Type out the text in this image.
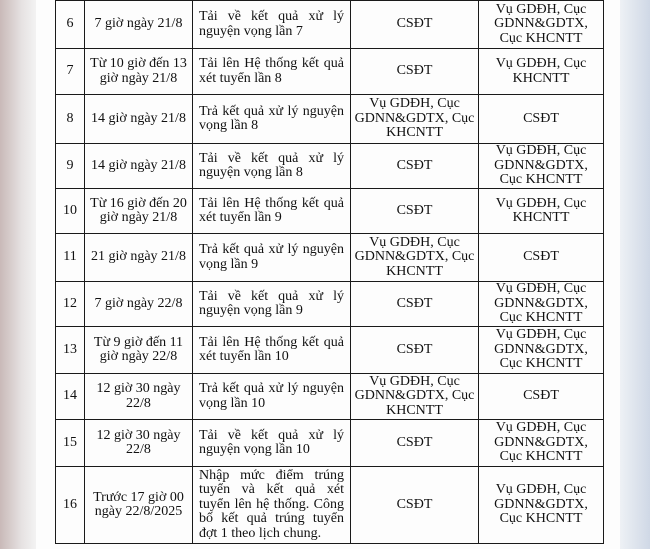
6	7 giờ ngày 21/8	Tải về kết quả xử lý nguyện vọng lần 7	CSĐT	Vụ GDĐH, Cục GDNN&GDTX, Cục KHCNTT
7	Từ 10 giờ đến 13 giờ ngày 21/8	Tải lên Hệ thống kết quả xét tuyển lần 8	CSĐT	Vụ GDĐH, Cục KHCNTT
8	14 giờ ngày 21/8	Trả kết quả xử lý nguyện vọng lần 8	Vụ GDĐH, Cục GDNN&GDTX, Cục KHCNTT	CSĐT
9	14 giờ ngày 21/8	Tải về kết quả xử lý nguyện vọng lần 8	CSĐT	Vụ GDĐH, Cục GDNN&GDTX, Cục KHCNTT
10	Từ 16 giờ đến 20 giờ ngày 21/8	Tải lên Hệ thống kết quả xét tuyển lần 9	CSĐT	Vụ GDĐH, Cục KHCNTT
11	21 giờ ngày 21/8	Trả kết quả xử lý nguyện vọng lần 9	Vụ GDĐH, Cục GDNN&GDTX, Cục KHCNTT	CSĐT
12	7 giờ ngày 22/8	Tải về kết quả xử lý nguyện vọng lần 9	CSĐT	Vụ GDĐH, Cục GDNN&GDTX, Cục KHCNTT
13	Từ 9 giờ đến 11 giờ ngày 22/8	Tải lên Hệ thống kết quả xét tuyển lần 10	CSĐT	Vụ GDĐH, Cục GDNN&GDTX, Cục KHCNTT
14	12 giờ 30 ngày 22/8	Trả kết quả xử lý nguyện vọng lần 10	Vụ GDĐH, Cục GDNN&GDTX, Cục KHCNTT	CSĐT
15	12 giờ 30 ngày 22/8	Tải về kết quả xử lý nguyện vọng lần 10	CSĐT	Vụ GDĐH, Cục GDNN&GDTX, Cục KHCNTT
16	Trước 17 giờ 00 ngày 22/8/2025	Nhập mức điểm trúng tuyển và kết quả xét tuyển lên hệ thống. Công bố kết quả trúng tuyển đợt 1 theo lịch chung.	CSĐT	Vụ GDĐH, Cục GDNN&GDTX, Cục KHCNTT
